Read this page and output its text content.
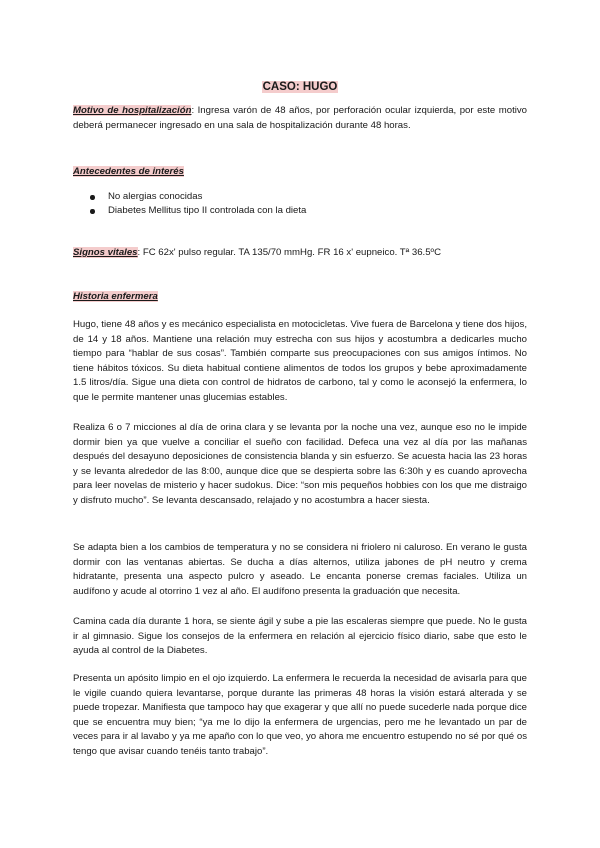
CASO: HUGO
Motivo de hospitalización: Ingresa varón de 48 años, por perforación ocular izquierda, por este motivo deberá permanecer ingresado en una sala de hospitalización durante 48 horas.
Antecedentes de interés
No alergias conocidas
Diabetes Mellitus tipo II controlada con la dieta
Signos vitales: FC 62x' pulso regular. TA 135/70 mmHg. FR 16 x' eupneico. Tª 36.5ºC
Historia enfermera

Hugo, tiene 48 años y es mecánico especialista en motocicletas. Vive fuera de Barcelona y tiene dos hijos, de 14 y 18 años. Mantiene una relación muy estrecha con sus hijos y acostumbra a dedicarles mucho tiempo para “hablar de sus cosas”. También comparte sus preocupaciones con sus amigos íntimos. No tiene hábitos tóxicos. Su dieta habitual contiene alimentos de todos los grupos y bebe aproximadamente 1.5 litros/día. Sigue una dieta con control de hidratos de carbono, tal y como le aconsejó la enfermera, lo que le permite mantener unas glucemias estables.

Realiza 6 o 7 micciones al día de orina clara y se levanta por la noche una vez, aunque eso no le impide dormir bien ya que vuelve a conciliar el sueño con facilidad. Defeca una vez al día por las mañanas después del desayuno deposiciones de consistencia blanda y sin esfuerzo. Se acuesta hacia las 23 horas y se levanta alrededor de las 8:00, aunque dice que se despierta sobre las 6:30h y es cuando aprovecha para leer novelas de misterio y hacer sudokus. Dice: “son mis pequeños hobbies con los que me distraigo y disfruto mucho”. Se levanta descansado, relajado y no acostumbra a hacer siesta.

Se adapta bien a los cambios de temperatura y no se considera ni friolero ni caluroso. En verano le gusta dormir con las ventanas abiertas. Se ducha a días alternos, utiliza jabones de pH neutro y crema hidratante, presenta una aspecto pulcro y aseado. Le encanta ponerse cremas faciales. Utiliza un audífono y acude al otorrino 1 vez al año. El audífono presenta la graduación que necesita.

Camina cada día durante 1 hora, se siente ágil y sube a pie las escaleras siempre que puede. No le gusta ir al gimnasio. Sigue los consejos de la enfermera en relación al ejercicio físico diario, sabe que esto le ayuda al control de la Diabetes.

Presenta un apósito limpio en el ojo izquierdo. La enfermera le recuerda la necesidad de avisarla para que le vigile cuando quiera levantarse, porque durante las primeras 48 horas la visión estará alterada y se puede tropezar. Manifiesta que tampoco hay que exagerar y que allí no puede sucederle nada porque dice que se encuentra muy bien; “ya me lo dijo la enfermera de urgencias, pero me he levantado un par de veces para ir al lavabo y ya me apaño con lo que veo, yo ahora me encuentro estupendo no sé por qué os tengo que avisar cuando tenéis tanto trabajo”.
